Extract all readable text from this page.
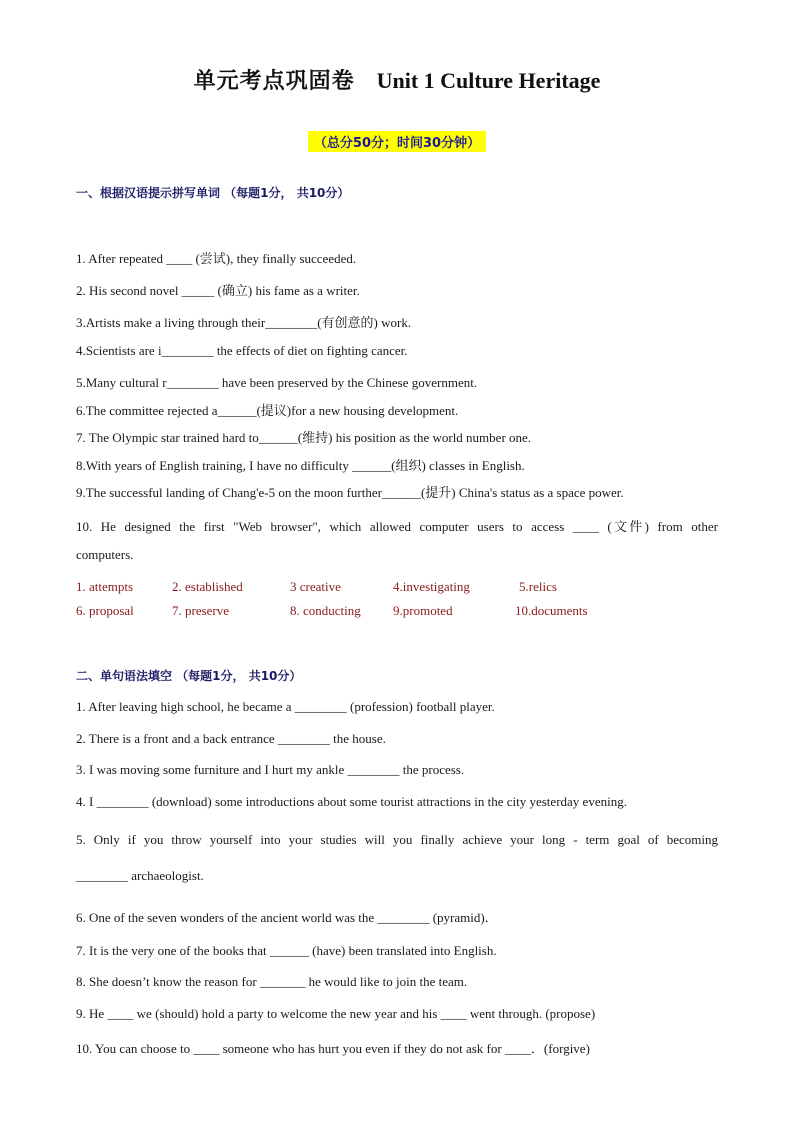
单元考点巩固卷 Unit 1 Culture Heritage
（总分50分；时间30分钟）
一、根据汉语提示拼写单词 （每题1分， 共10分）
1. After repeated ____ (尝试), they finally succeeded.
2. His second novel _____ (确立) his fame as a writer.
3.Artists make a living through their________(有创意的) work.
4.Scientists are i________ the effects of diet on fighting cancer.
5.Many cultural r________ have been preserved by the Chinese government.
6.The committee rejected a______(提议)for a new housing development.
7. The Olympic star trained hard to______(维持) his position as the world number one.
8.With years of English training, I have no difficulty ______(组织) classes in English.
9.The successful landing of Chang'e-5 on the moon further______(提升) China's status as a space power.
10. He designed the first "Web browser", which allowed computer users to access ____ (文件) from other
computers.
1. attempts	2. established	3 creative	4.investigating	5.relics
6. proposal	7. preserve	8. conducting 9.promoted	10.documents
二、单句语法填空 （每题1分， 共10分）
1. After leaving high school, he became a ________ (profession) football player.
2. There is a front and a back entrance ________ the house.
3. I was moving some furniture and I hurt my ankle ________ the process.
4. I ________ (download) some introductions about some tourist attractions in the city yesterday evening.
5. Only if you throw yourself into your studies will you finally achieve your long - term goal of becoming
________ archaeologist.
6. One of the seven wonders of the ancient world was the ________ (pyramid)．
7. It is the very one of the books that ______ (have) been translated into English.
8. She doesn’t know the reason for _______ he would like to join the team.
9. He ____ we (should) hold a party to welcome the new year and his ____ went through. (propose)
10. You can choose to ____ someone who has hurt you even if they do not ask for ____．(forgive)
